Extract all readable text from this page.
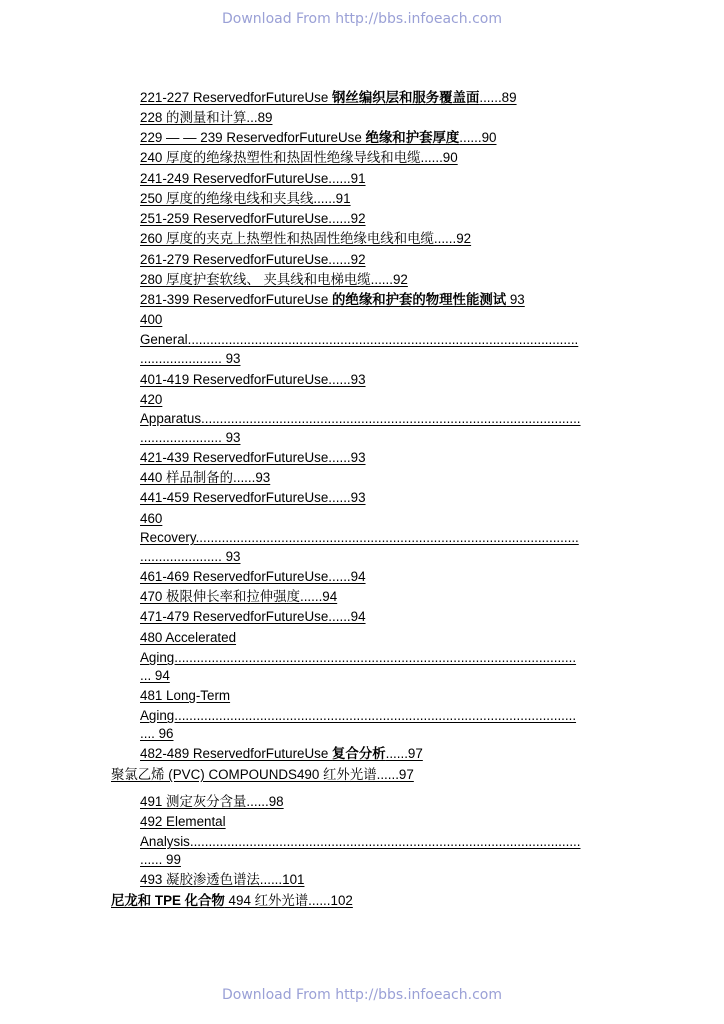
Download From http://bbs.infoeach.com
221-227 ReservedforFutureUse 钢丝编织层和服务覆盖面......89
228 的测量和计算...89
229 — — 239 ReservedforFutureUse 绝缘和护套厚度......90
240 厚度的绝缘热塑性和热固性绝缘导线和电缆......90
241-249 ReservedforFutureUse......91
250 厚度的绝缘电线和夹具线......91
251-259 ReservedforFutureUse......92
260 厚度的夹克上热塑性和热固性绝缘电线和电缆......92
261-279 ReservedforFutureUse......92
280 厚度护套软线、 夹具线和电梯电缆......92
281-399 ReservedforFutureUse 的绝缘和护套的物理性能测试 93
400
General.........................................................................................................
...................... 93
401-419 ReservedforFutureUse......93
420
Apparatus......................................................................................................
...................... 93
421-439 ReservedforFutureUse......93
440 样品制备的......93
441-459 ReservedforFutureUse......93
460
Recovery.......................................................................................................
...................... 93
461-469 ReservedforFutureUse......94
470 极限伸长率和拉伸强度......94
471-479 ReservedforFutureUse......94
480 Accelerated
Aging............................................................................................................
... 94
481 Long-Term
Aging............................................................................................................
.... 96
482-489 ReservedforFutureUse 复合分析......97
聚氯乙烯 (PVC) COMPOUNDS490 红外光谱......97
491 测定灰分含量......98
492 Elemental
Analysis.........................................................................................................
...... 99
493 凝胶渗透色谱法......101
尼龙和 TPE 化合物 494 红外光谱......102
Download From http://bbs.infoeach.com
